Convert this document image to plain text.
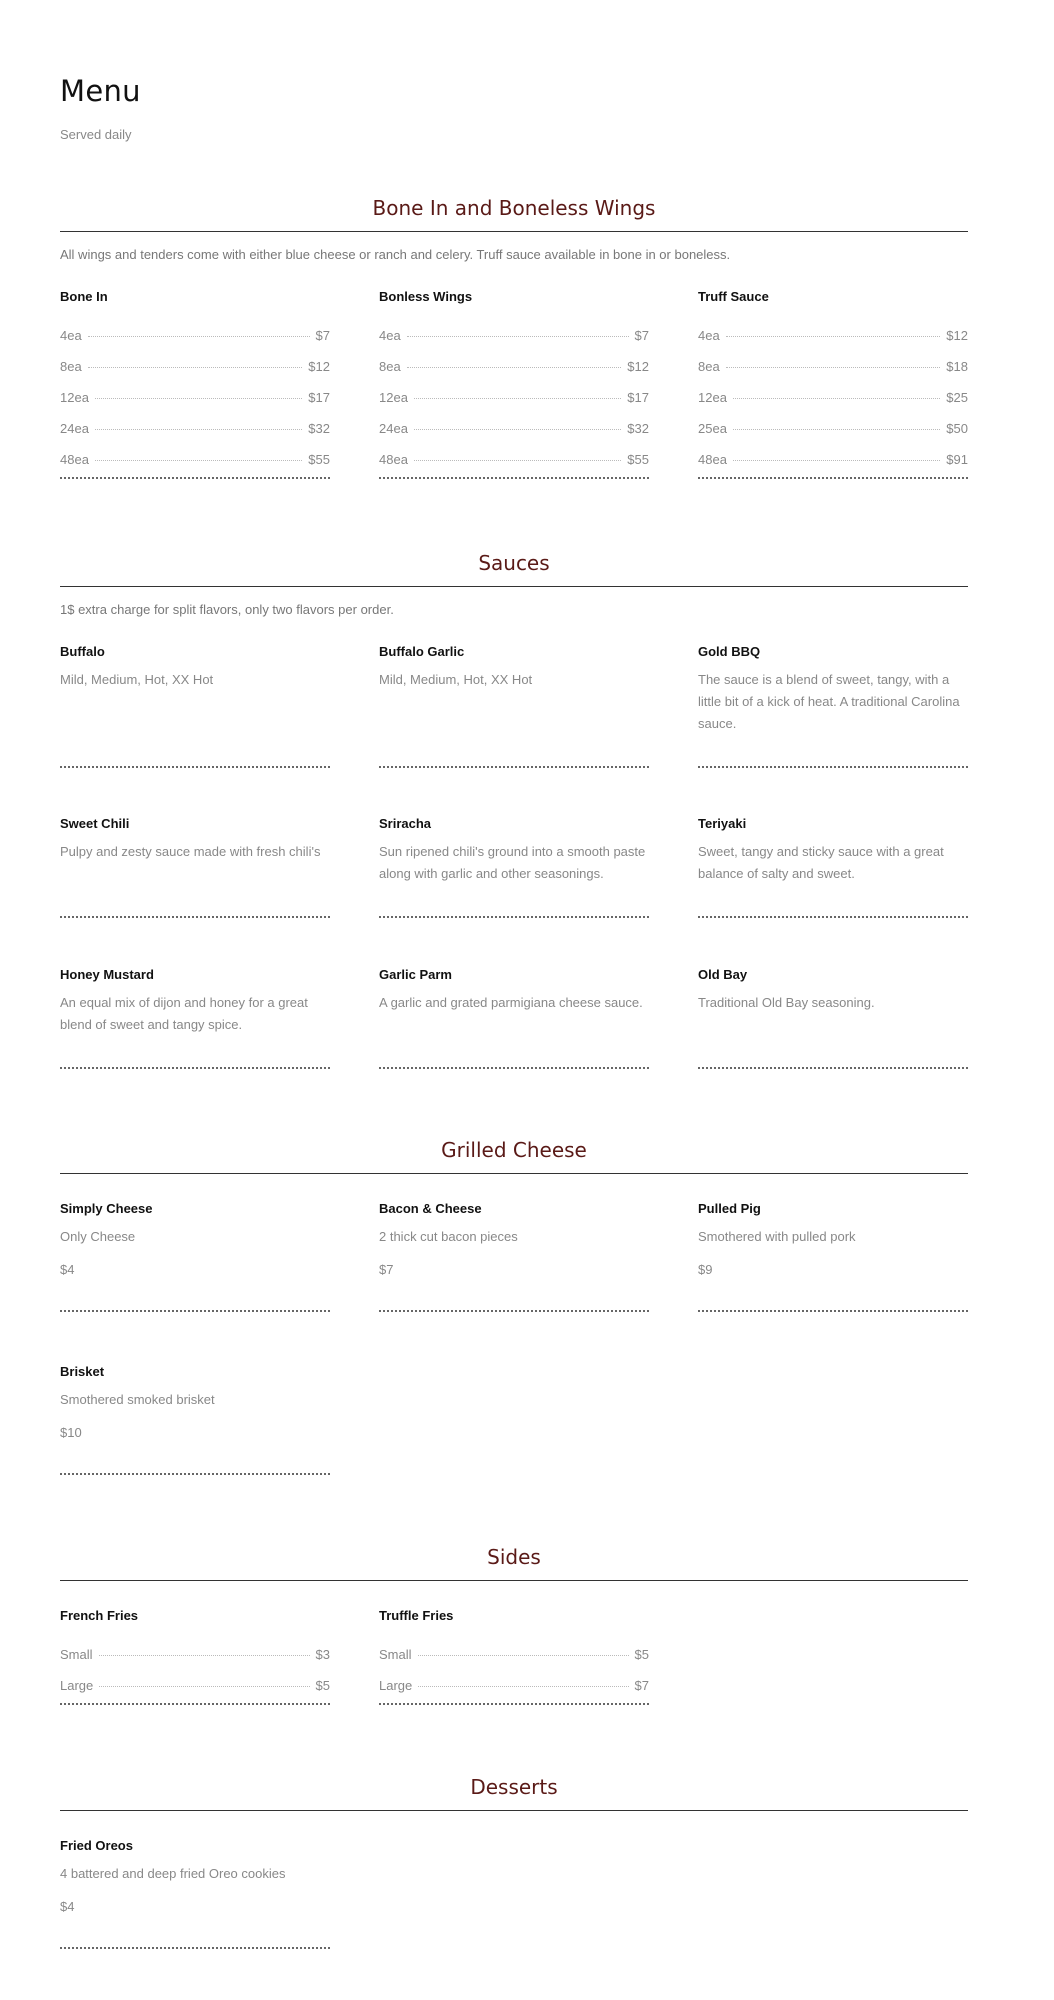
Menu
Served daily
Bone In and Boneless Wings
All wings and tenders come with either blue cheese or ranch and celery. Truff sauce available in bone in or boneless.
Bone In
4ea	$7
8ea	$12
12ea	$17
24ea	$32
48ea	$55
Bonless Wings
4ea	$7
8ea	$12
12ea	$17
24ea	$32
48ea	$55
Truff Sauce
4ea	$12
8ea	$18
12ea	$25
25ea	$50
48ea	$91
Sauces
1$ extra charge for split flavors, only two flavors per order.
Buffalo
Mild, Medium, Hot, XX Hot
Buffalo Garlic
Mild, Medium, Hot, XX Hot
Gold BBQ
The sauce is a blend of sweet, tangy, with a little bit of a kick of heat. A traditional Carolina sauce.
Sweet Chili
Pulpy and zesty sauce made with fresh chili's
Sriracha
Sun ripened chili's ground into a smooth paste along with garlic and other seasonings.
Teriyaki
Sweet, tangy and sticky sauce with a great balance of salty and sweet.
Honey Mustard
An equal mix of dijon and honey for a great blend of sweet and tangy spice.
Garlic Parm
A garlic and grated parmigiana cheese sauce.
Old Bay
Traditional Old Bay seasoning.
Grilled Cheese
Simply Cheese
Only Cheese
$4
Bacon & Cheese
2 thick cut bacon pieces
$7
Pulled Pig
Smothered with pulled pork
$9
Brisket
Smothered smoked brisket
$10
Sides
French Fries
Small	$3
Large	$5
Truffle Fries
Small	$5
Large	$7
Desserts
Fried Oreos
4 battered and deep fried Oreo cookies
$4
